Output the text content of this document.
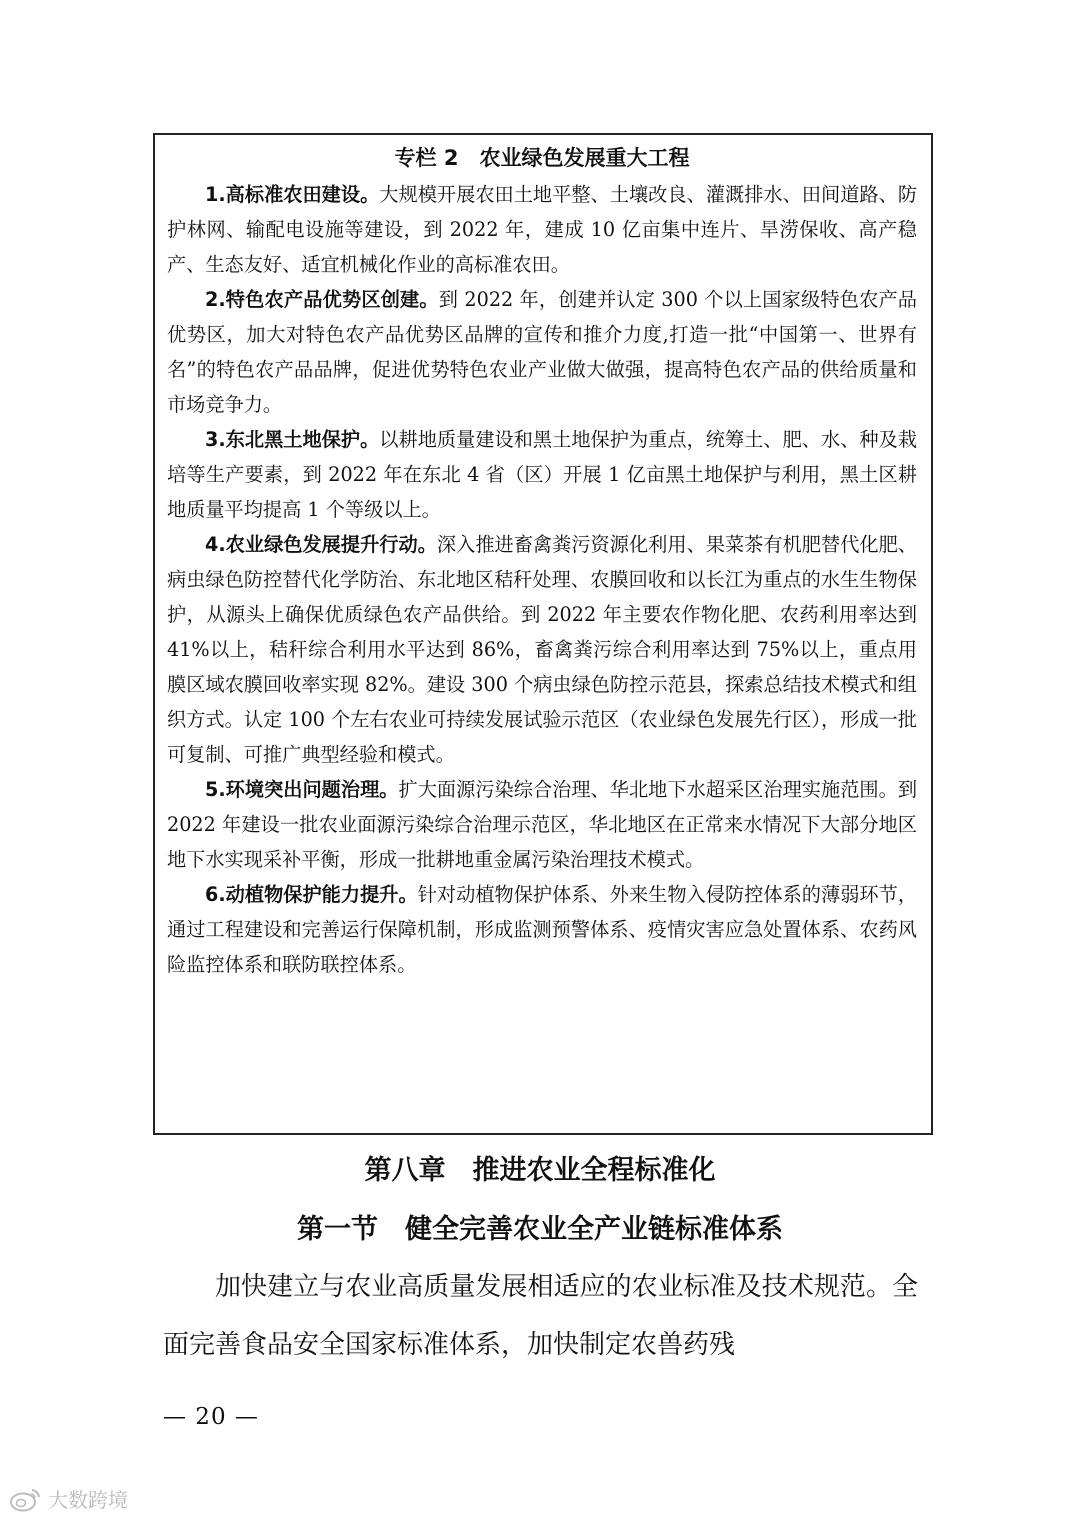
专栏 2　农业绿色发展重大工程

1.高标准农田建设。大规模开展农田土地平整、土壤改良、灌溉排水、田间道路、防护林网、输配电设施等建设，到 2022 年，建成 10 亿亩集中连片、旱涝保收、高产稳产、生态友好、适宜机械化作业的高标准农田。

2.特色农产品优势区创建。到 2022 年，创建并认定 300 个以上国家级特色农产品优势区，加大对特色农产品优势区品牌的宣传和推介力度,打造一批“中国第一、世界有名”的特色农产品品牌，促进优势特色农业产业做大做强，提高特色农产品的供给质量和市场竞争力。

3.东北黑土地保护。以耕地质量建设和黑土地保护为重点，统筹土、肥、水、种及栽培等生产要素，到 2022 年在东北 4 省（区）开展 1 亿亩黑土地保护与利用，黑土区耕地质量平均提高 1 个等级以上。

4.农业绿色发展提升行动。深入推进畜禽粪污资源化利用、果菜茶有机肥替代化肥、病虫绿色防控替代化学防治、东北地区秸秆处理、农膜回收和以长江为重点的水生生物保护，从源头上确保优质绿色农产品供给。到 2022 年主要农作物化肥、农药利用率达到 41%以上，秸秆综合利用水平达到 86%，畜禽粪污综合利用率达到 75%以上，重点用膜区域农膜回收率实现 82%。建设 300 个病虫绿色防控示范县，探索总结技术模式和组织方式。认定 100 个左右农业可持续发展试验示范区（农业绿色发展先行区），形成一批可复制、可推广典型经验和模式。

5.环境突出问题治理。扩大面源污染综合治理、华北地下水超采区治理实施范围。到 2022 年建设一批农业面源污染综合治理示范区，华北地区在正常来水情况下大部分地区地下水实现采补平衡，形成一批耕地重金属污染治理技术模式。

6.动植物保护能力提升。针对动植物保护体系、外来生物入侵防控体系的薄弱环节，通过工程建设和完善运行保障机制，形成监测预警体系、疫情灾害应急处置体系、农药风险监控体系和联防联控体系。

第八章　推进农业全程标准化
第一节　健全完善农业全产业链标准体系

加快建立与农业高质量发展相适应的农业标准及技术规范。全面完善食品安全国家标准体系，加快制定农兽药残

— 20 —

大数跨境
